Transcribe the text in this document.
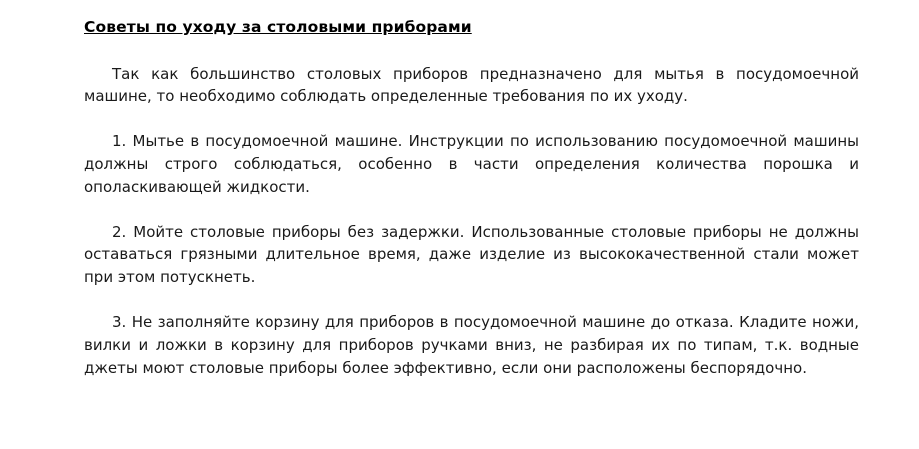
Советы по уходу за столовыми приборами

Так как большинство столовых приборов предназначено для мытья в посудомоечной машине, то необходимо соблюдать определенные требования по их уходу.

1. Мытье в посудомоечной машине. Инструкции по использованию посудомоечной машины должны строго соблюдаться, особенно в части определения количества порошка и ополаскивающей жидкости.

2. Мойте столовые приборы без задержки. Использованные столовые приборы не должны оставаться грязными длительное время, даже изделие из высококачественной стали может при этом потускнеть.

3. Не заполняйте корзину для приборов в посудомоечной машине до отказа. Кладите ножи, вилки и ложки в корзину для приборов ручками вниз, не разбирая их по типам, т.к. водные джеты моют столовые приборы более эффективно, если они расположены беспорядочно.
